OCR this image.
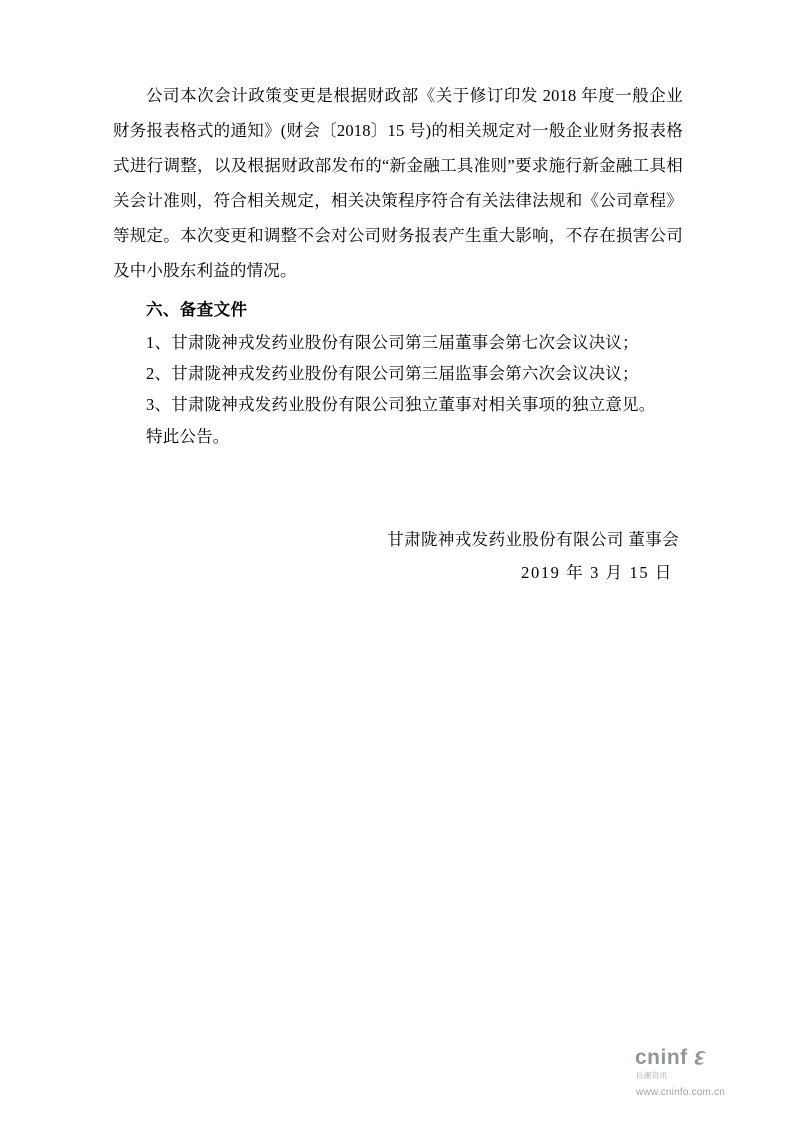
公司本次会计政策变更是根据财政部《关于修订印发 2018 年度一般企业财务报表格式的通知》(财会〔2018〕15 号)的相关规定对一般企业财务报表格式进行调整，以及根据财政部发布的“新金融工具准则”要求施行新金融工具相关会计准则，符合相关规定，相关决策程序符合有关法律法规和《公司章程》等规定。本次变更和调整不会对公司财务报表产生重大影响，不存在损害公司及中小股东利益的情况。

六、备查文件
1、甘肃陇神戎发药业股份有限公司第三届董事会第七次会议决议；
2、甘肃陇神戎发药业股份有限公司第三届监事会第六次会议决议；
3、甘肃陇神戎发药业股份有限公司独立董事对相关事项的独立意见。

特此公告。

甘肃陇神戎发药业股份有限公司 董事会
2019 年 3 月 15 日
cninf
巨潮资讯
www.cninfo.com.cn
